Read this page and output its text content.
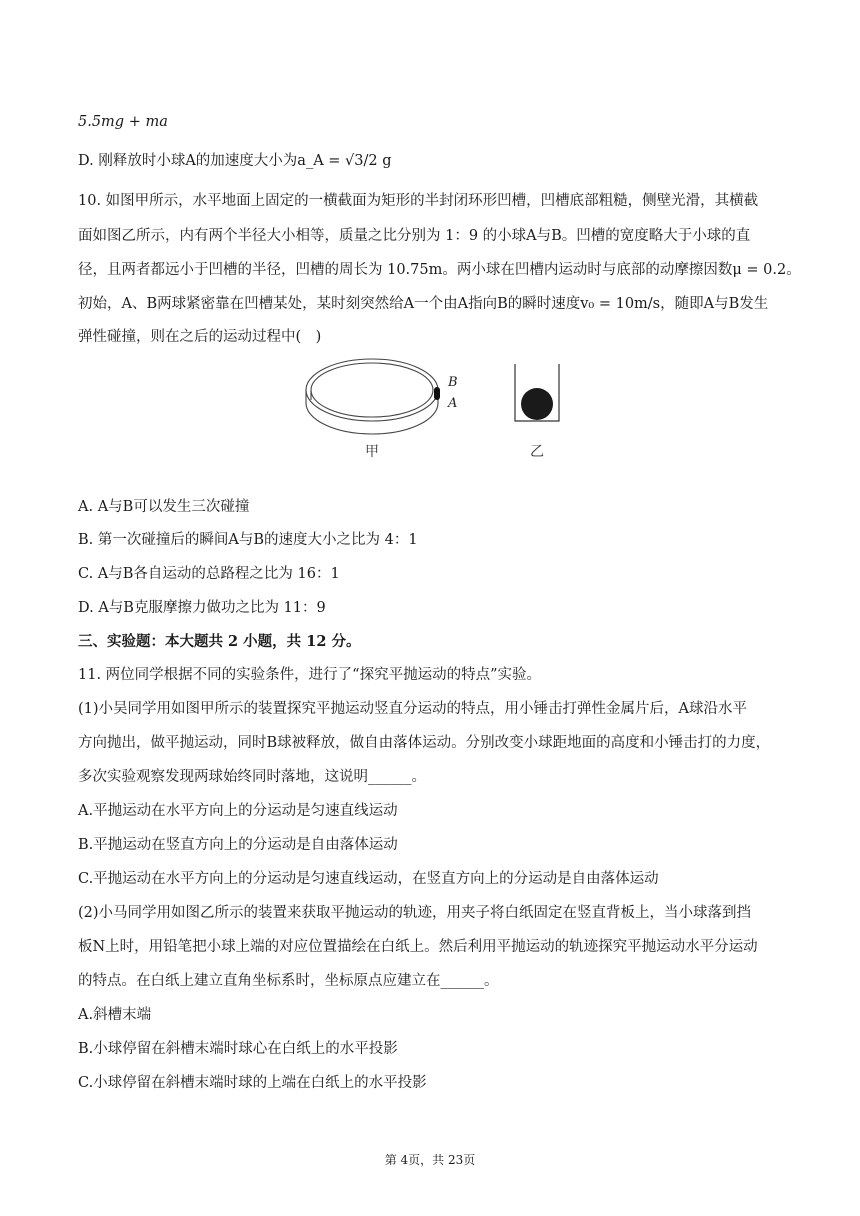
5.5mg + ma
D. 刚释放时小球A的加速度大小为a_A = √3/2 g
10. 如图甲所示，水平地面上固定的一横截面为矩形的半封闭环形凹槽，凹槽底部粗糙，侧壁光滑，其横截
面如图乙所示，内有两个半径大小相等，质量之比分别为 1：9 的小球A与B。凹槽的宽度略大于小球的直
径，且两者都远小于凹槽的半径，凹槽的周长为 10.75m。两小球在凹槽内运动时与底部的动摩擦因数μ = 0.2。
初始，A、B两球紧密靠在凹槽某处，某时刻突然给A一个由A指向B的瞬时速度v₀ = 10m/s，随即A与B发生
弹性碰撞，则在之后的运动过程中(　)
B
A
甲	乙
A. A与B可以发生三次碰撞
B. 第一次碰撞后的瞬间A与B的速度大小之比为 4：1
C. A与B各自运动的总路程之比为 16：1
D. A与B克服摩擦力做功之比为 11：9
三、实验题：本大题共 2 小题，共 12 分。
11. 两位同学根据不同的实验条件，进行了“探究平抛运动的特点”实验。
(1)小吴同学用如图甲所示的装置探究平抛运动竖直分运动的特点，用小锤击打弹性金属片后，A球沿水平
方向抛出，做平抛运动，同时B球被释放，做自由落体运动。分别改变小球距地面的高度和小锤击打的力度，
多次实验观察发现两球始终同时落地，这说明______。
A.平抛运动在水平方向上的分运动是匀速直线运动
B.平抛运动在竖直方向上的分运动是自由落体运动
C.平抛运动在水平方向上的分运动是匀速直线运动，在竖直方向上的分运动是自由落体运动
(2)小马同学用如图乙所示的装置来获取平抛运动的轨迹，用夹子将白纸固定在竖直背板上，当小球落到挡
板N上时，用铅笔把小球上端的对应位置描绘在白纸上。然后利用平抛运动的轨迹探究平抛运动水平分运动
的特点。在白纸上建立直角坐标系时，坐标原点应建立在______。
A.斜槽末端
B.小球停留在斜槽末端时球心在白纸上的水平投影
C.小球停留在斜槽末端时球的上端在白纸上的水平投影
第 4页，共 23页
